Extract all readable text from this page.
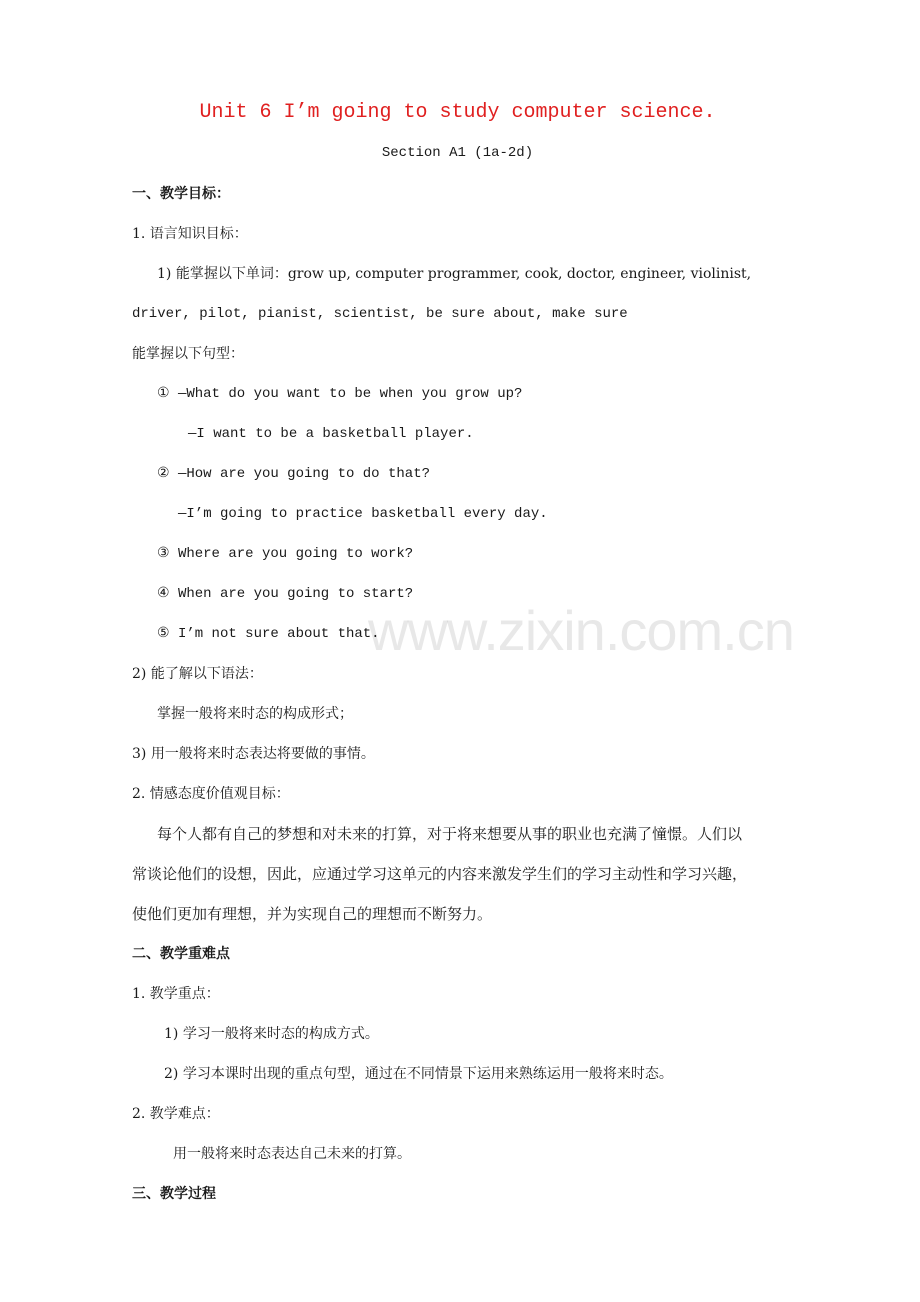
www.zixin.com.cn
Unit 6 I’m going to study computer science.
Section A1 (1a-2d)
一、教学目标：
1. 语言知识目标：
1) 能掌握以下单词：grow up, computer programmer, cook, doctor, engineer, violinist,
driver, pilot, pianist, scientist, be sure about, make sure
能掌握以下句型：
① —What do you want to be when you grow up?
—I want to be a basketball player.
② —How are you going to do that?
—I’m going to practice basketball every day.
③ Where are you going to work?
④ When are you going to start?
⑤ I’m not sure about that.
2) 能了解以下语法：
掌握一般将来时态的构成形式；
3) 用一般将来时态表达将要做的事情。
2. 情感态度价值观目标：
每个人都有自己的梦想和对未来的打算，对于将来想要从事的职业也充满了憧憬。人们以
常谈论他们的设想，因此，应通过学习这单元的内容来激发学生们的学习主动性和学习兴趣，
使他们更加有理想，并为实现自己的理想而不断努力。
二、教学重难点
1. 教学重点：
1) 学习一般将来时态的构成方式。
2) 学习本课时出现的重点句型，通过在不同情景下运用来熟练运用一般将来时态。
2. 教学难点：
用一般将来时态表达自己未来的打算。
三、教学过程
